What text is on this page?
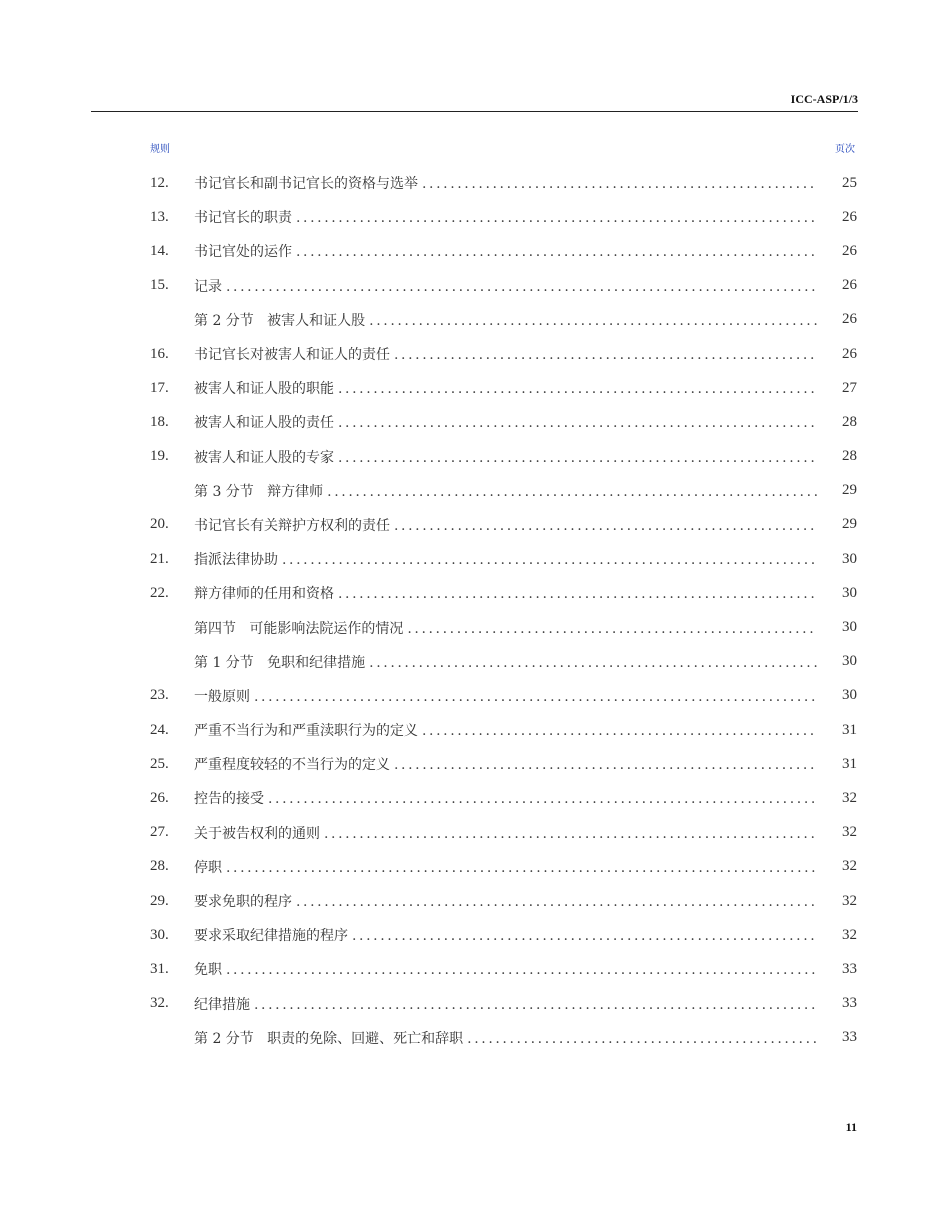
ICC-ASP/1/3
规则	页次
12.	书记官长和副书记官长的资格与选举 .....	25
13.	书记官长的职责 .....	26
14.	书记官处的运作 .....	26
15.	记录 .....	26
第 2 分节   被害人和证人股 .....	26
16.	书记官长对被害人和证人的责任 .....	26
17.	被害人和证人股的职能 .....	27
18.	被害人和证人股的责任 .....	28
19.	被害人和证人股的专家 .....	28
第 3 分节   辩方律师 .....	29
20.	书记官长有关辩护方权利的责任 .....	29
21.	指派法律协助 .....	30
22.	辩方律师的任用和资格 .....	30
第四节   可能影响法院运作的情况 .....	30
第 1 分节   免职和纪律措施 .....	30
23.	一般原则 .....	30
24.	严重不当行为和严重渎职行为的定义 .....	31
25.	严重程度较轻的不当行为的定义 .....	31
26.	控告的接受 .....	32
27.	关于被告权利的通则 .....	32
28.	停职 .....	32
29.	要求免职的程序 .....	32
30.	要求采取纪律措施的程序 .....	32
31.	免职 .....	33
32.	纪律措施 .....	33
第 2 分节   职责的免除、回避、死亡和辞职 .....	33
11
